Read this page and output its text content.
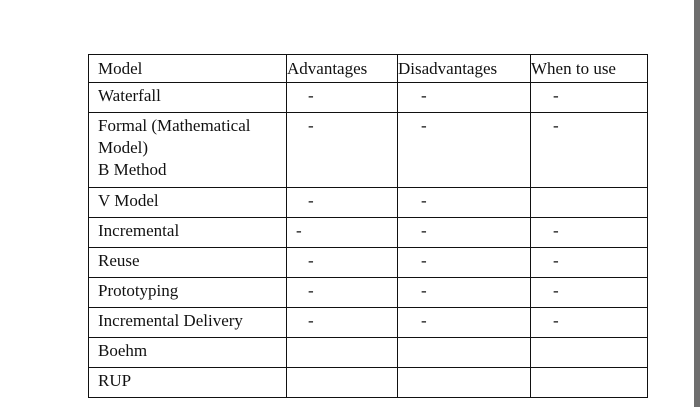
Model	Advantages	Disadvantages	When to use
Waterfall	-	-	-

Formal (Mathematical Model)
B Method	-	-	-

V Model	-	-	

Incremental	-	-	-

Reuse	-	-	-

Prototyping	-	-	-

Incremental Delivery	-	-	-

Boehm	

RUP	
